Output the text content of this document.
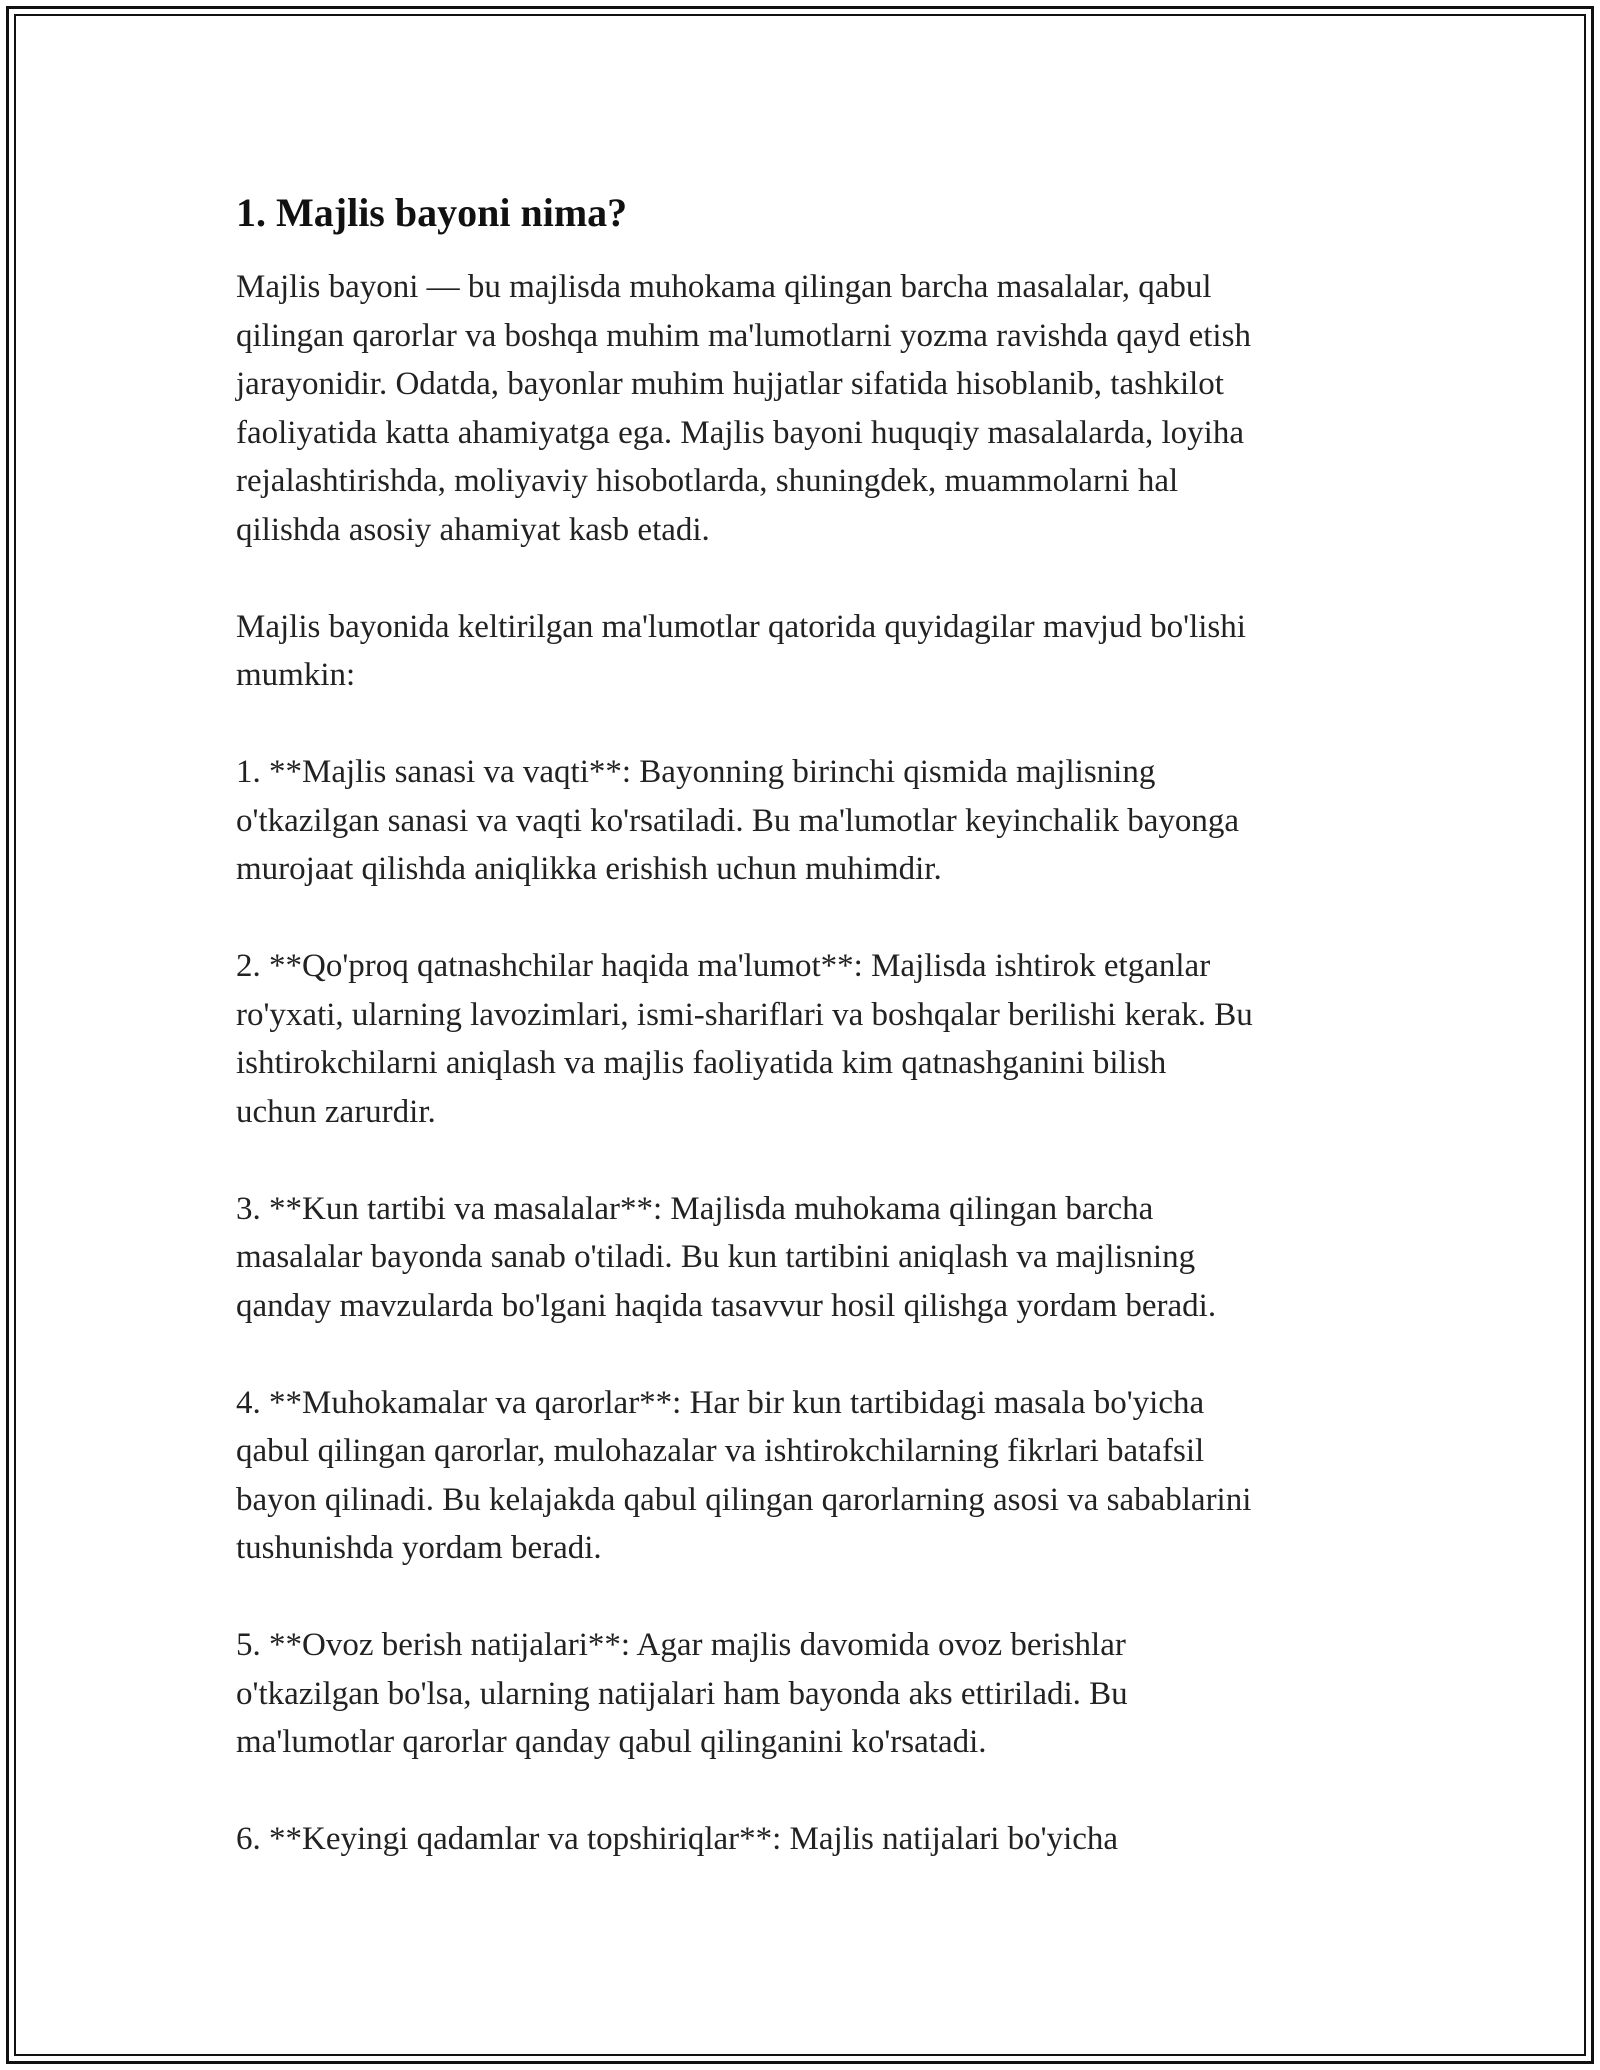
1. Majlis bayoni nima?

Majlis bayoni — bu majlisda muhokama qilingan barcha masalalar, qabul
qilingan qarorlar va boshqa muhim ma'lumotlarni yozma ravishda qayd etish
jarayonidir. Odatda, bayonlar muhim hujjatlar sifatida hisoblanib, tashkilot
faoliyatida katta ahamiyatga ega. Majlis bayoni huquqiy masalalarda, loyiha
rejalashtirishda, moliyaviy hisobotlarda, shuningdek, muammolarni hal
qilishda asosiy ahamiyat kasb etadi.

Majlis bayonida keltirilgan ma'lumotlar qatorida quyidagilar mavjud bo'lishi
mumkin:

1. **Majlis sanasi va vaqti**: Bayonning birinchi qismida majlisning
o'tkazilgan sanasi va vaqti ko'rsatiladi. Bu ma'lumotlar keyinchalik bayonga
murojaat qilishda aniqlikka erishish uchun muhimdir.

2. **Qo'proq qatnashchilar haqida ma'lumot**: Majlisda ishtirok etganlar
ro'yxati, ularning lavozimlari, ismi-shariflari va boshqalar berilishi kerak. Bu
ishtirokchilarni aniqlash va majlis faoliyatida kim qatnashganini bilish
uchun zarurdir.

3. **Kun tartibi va masalalar**: Majlisda muhokama qilingan barcha
masalalar bayonda sanab o'tiladi. Bu kun tartibini aniqlash va majlisning
qanday mavzularda bo'lgani haqida tasavvur hosil qilishga yordam beradi.

4. **Muhokamalar va qarorlar**: Har bir kun tartibidagi masala bo'yicha
qabul qilingan qarorlar, mulohazalar va ishtirokchilarning fikrlari batafsil
bayon qilinadi. Bu kelajakda qabul qilingan qarorlarning asosi va sabablarini
tushunishda yordam beradi.

5. **Ovoz berish natijalari**: Agar majlis davomida ovoz berishlar
o'tkazilgan bo'lsa, ularning natijalari ham bayonda aks ettiriladi. Bu
ma'lumotlar qarorlar qanday qabul qilinganini ko'rsatadi.

6. **Keyingi qadamlar va topshiriqlar**: Majlis natijalari bo'yicha
